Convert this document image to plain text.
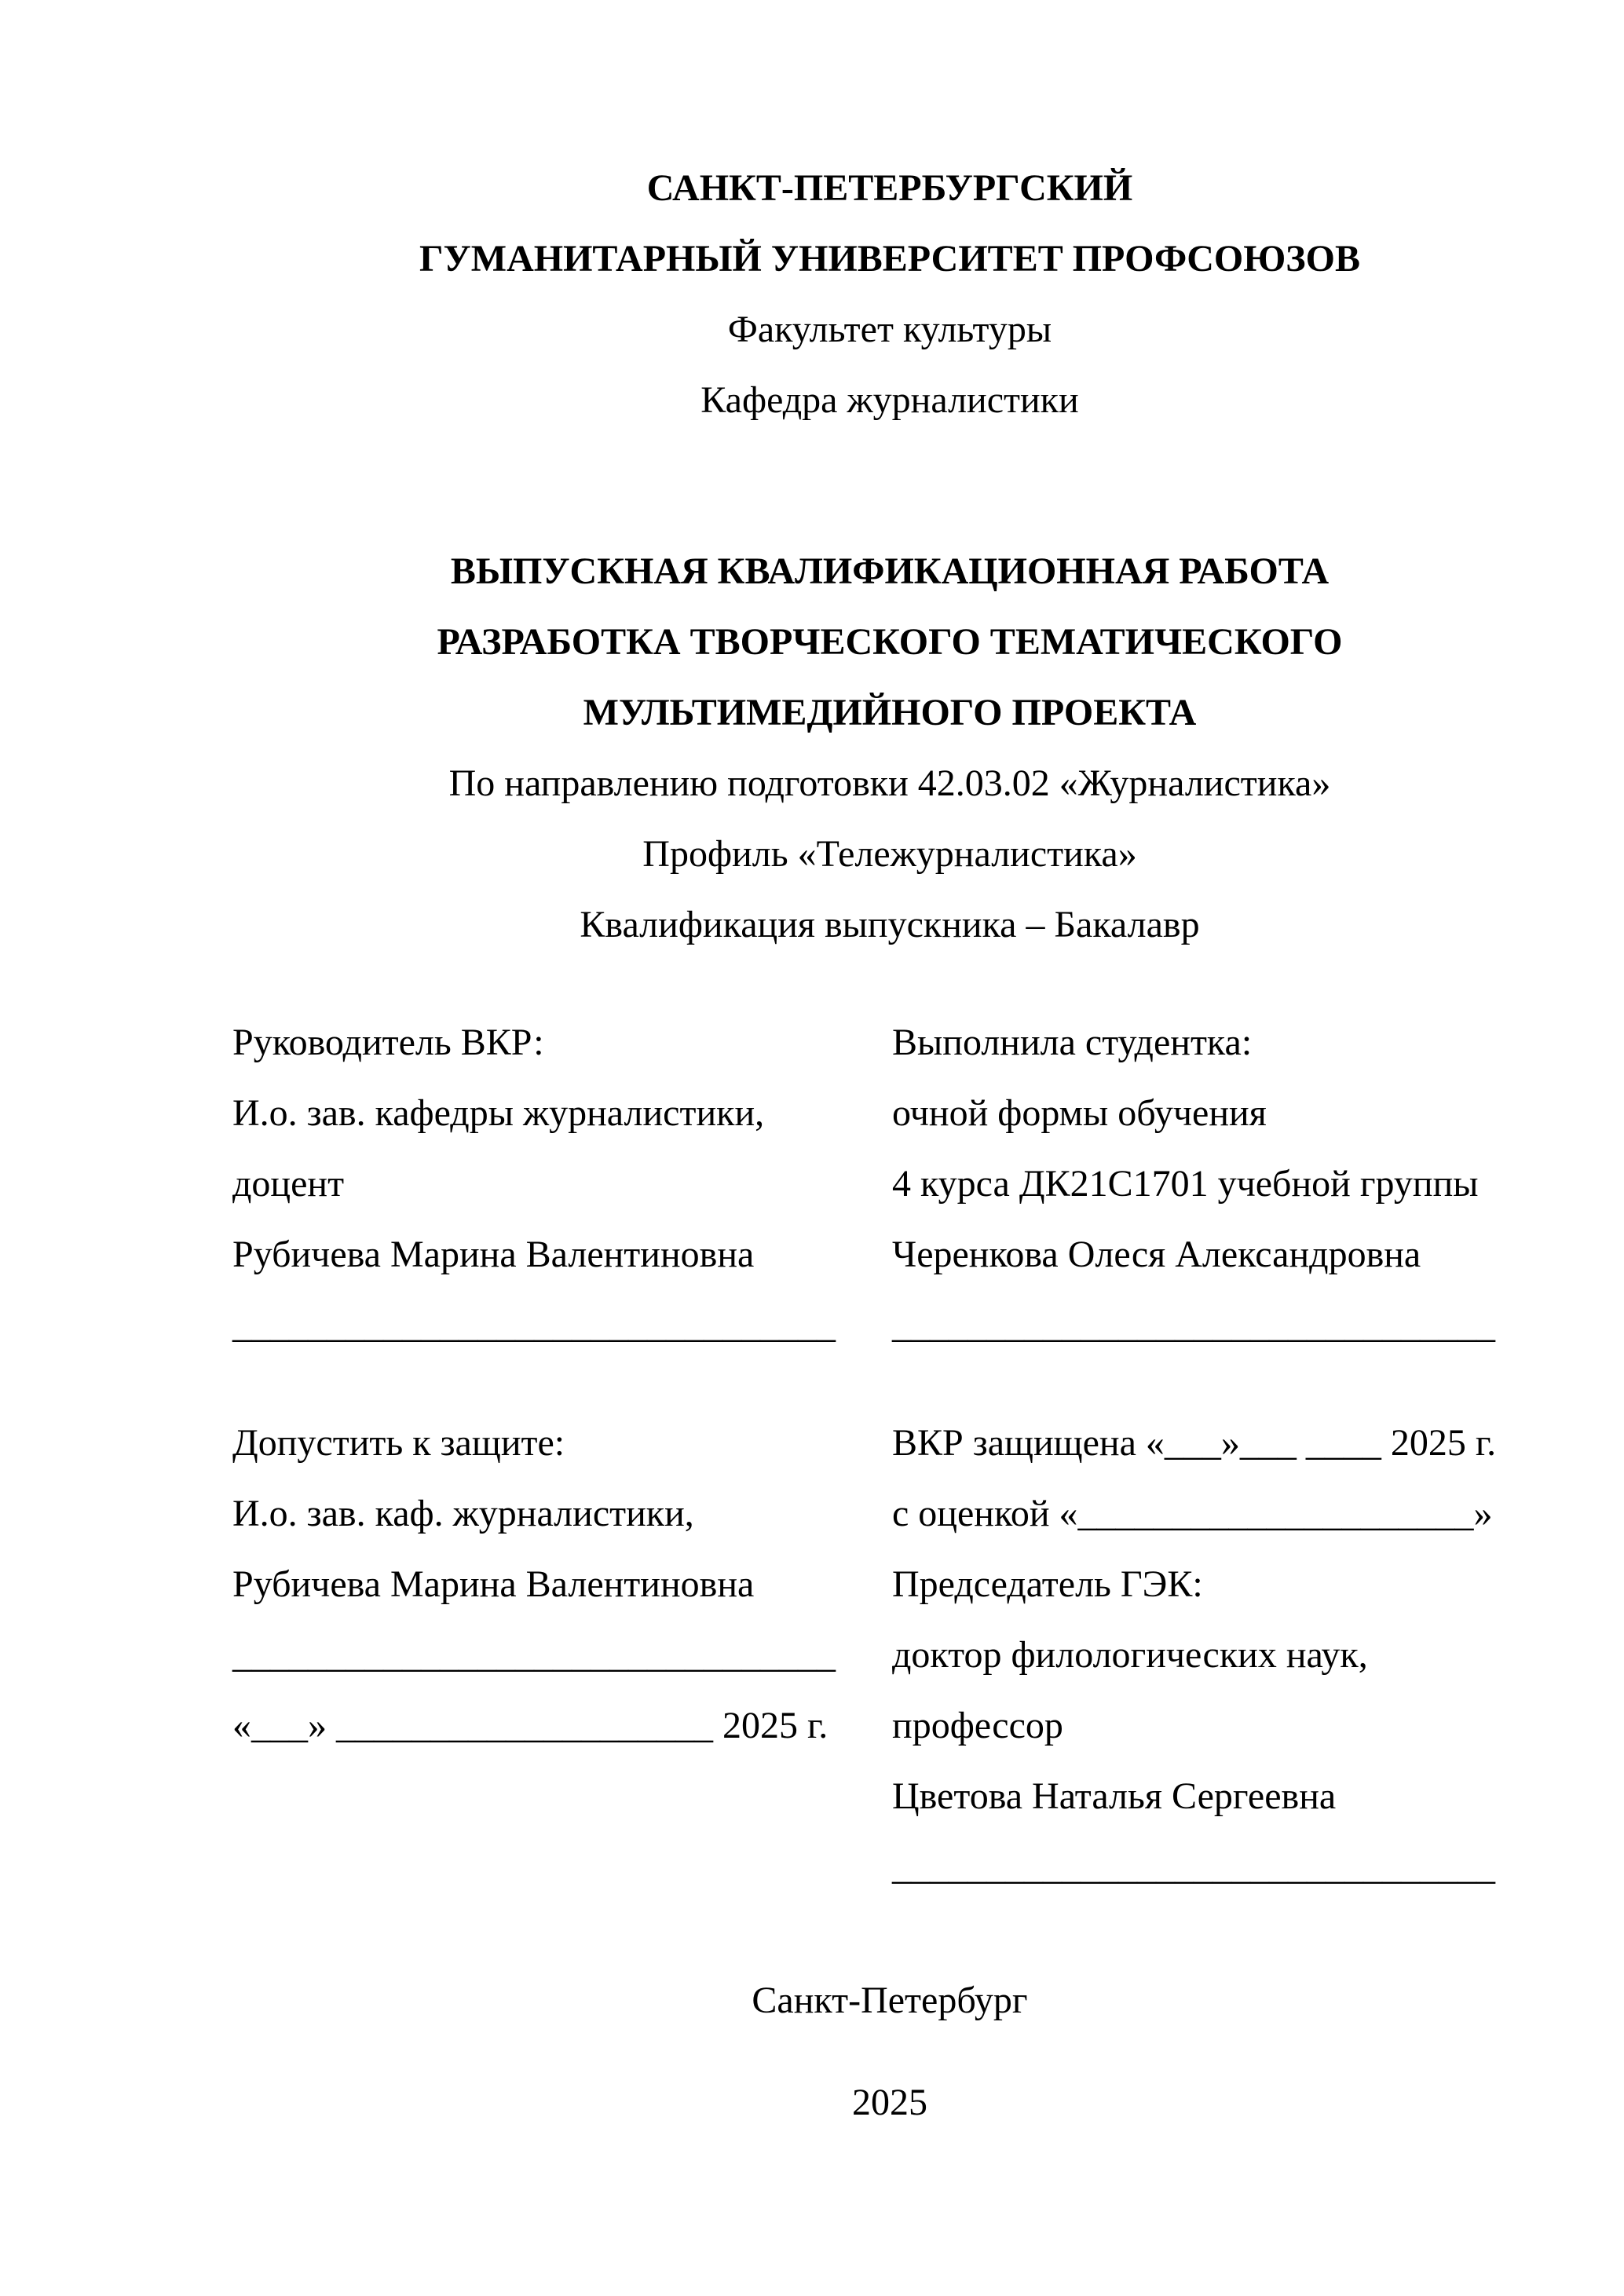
САНКТ-ПЕТЕРБУРГСКИЙ
ГУМАНИТАРНЫЙ УНИВЕРСИТЕТ ПРОФСОЮЗОВ
Факультет культуры
Кафедра журналистики
ВЫПУСКНАЯ КВАЛИФИКАЦИОННАЯ РАБОТА
РАЗРАБОТКА ТВОРЧЕСКОГО ТЕМАТИЧЕСКОГО
МУЛЬТИМЕДИЙНОГО ПРОЕКТА
По направлению подготовки 42.03.02 «Журналистика»
Профиль «Тележурналистика»
Квалификация выпускника – Бакалавр
Руководитель ВКР:
И.о. зав. кафедры журналистики,
доцент
Рубичева Марина Валентиновна
________________________________
Выполнила студентка:
очной формы обучения
4 курса ДК21С1701 учебной группы
Черенкова Олеся Александровна
________________________________
Допустить к защите:
И.о. зав. каф. журналистики,
Рубичева Марина Валентиновна
________________________________
«___» ____________________ 2025 г.
ВКР защищена «___»___ ____ 2025 г.
с оценкой «_____________________»
Председатель ГЭК:
доктор филологических наук,
профессор
Цветова Наталья Сергеевна
________________________________
Санкт-Петербург
2025
